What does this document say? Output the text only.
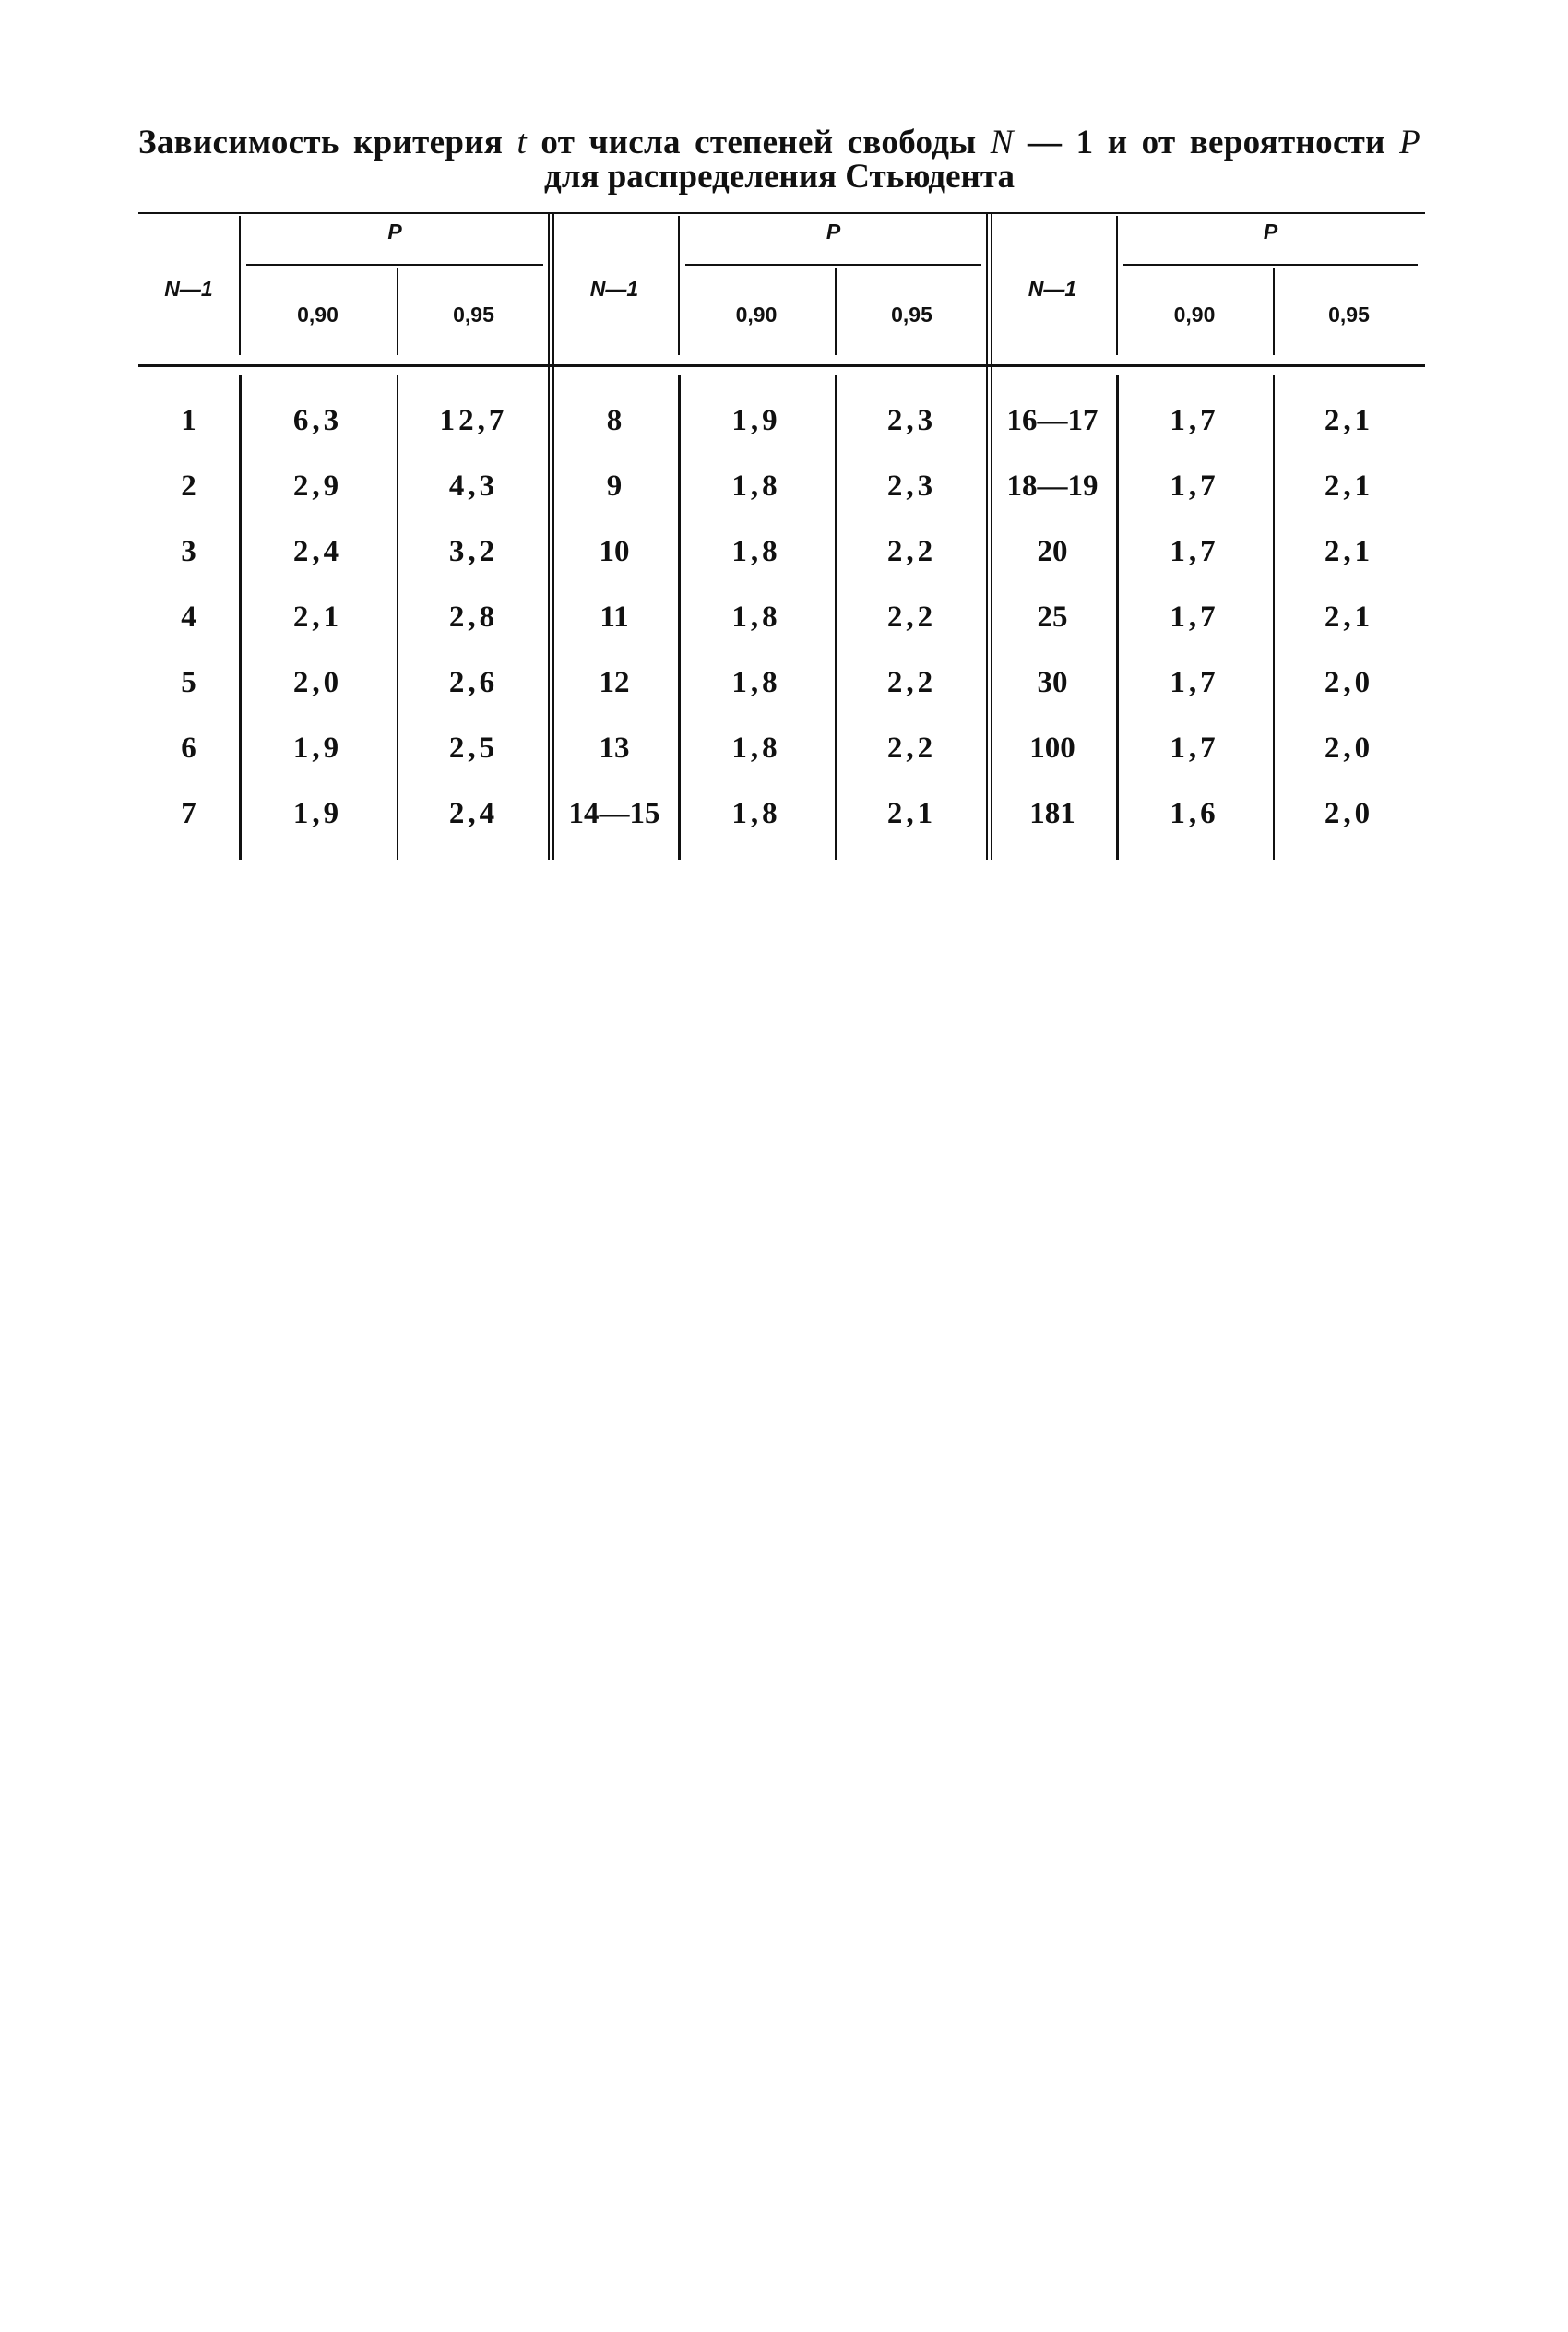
Зависимость критерия t от числа степеней свободы N — 1 и от вероятности P
для распределения Стьюдента
N—1
P
0,90	0,95
1	6,3	12,7
2	2,9	4,3
3	2,4	3,2
4	2,1	2,8
5	2,0	2,6
6	1,9	2,5
7	1,9	2,4
N—1
P
0,90	0,95
8	1,9	2,3
9	1,8	2,3
10	1,8	2,2
11	1,8	2,2
12	1,8	2,2
13	1,8	2,2
14—15	1,8	2,1
N—1
P
0,90	0,95
16—17	1,7	2,1
18—19	1,7	2,1
20	1,7	2,1
25	1,7	2,1
30	1,7	2,0
100	1,7	2,0
181	1,6	2,0
